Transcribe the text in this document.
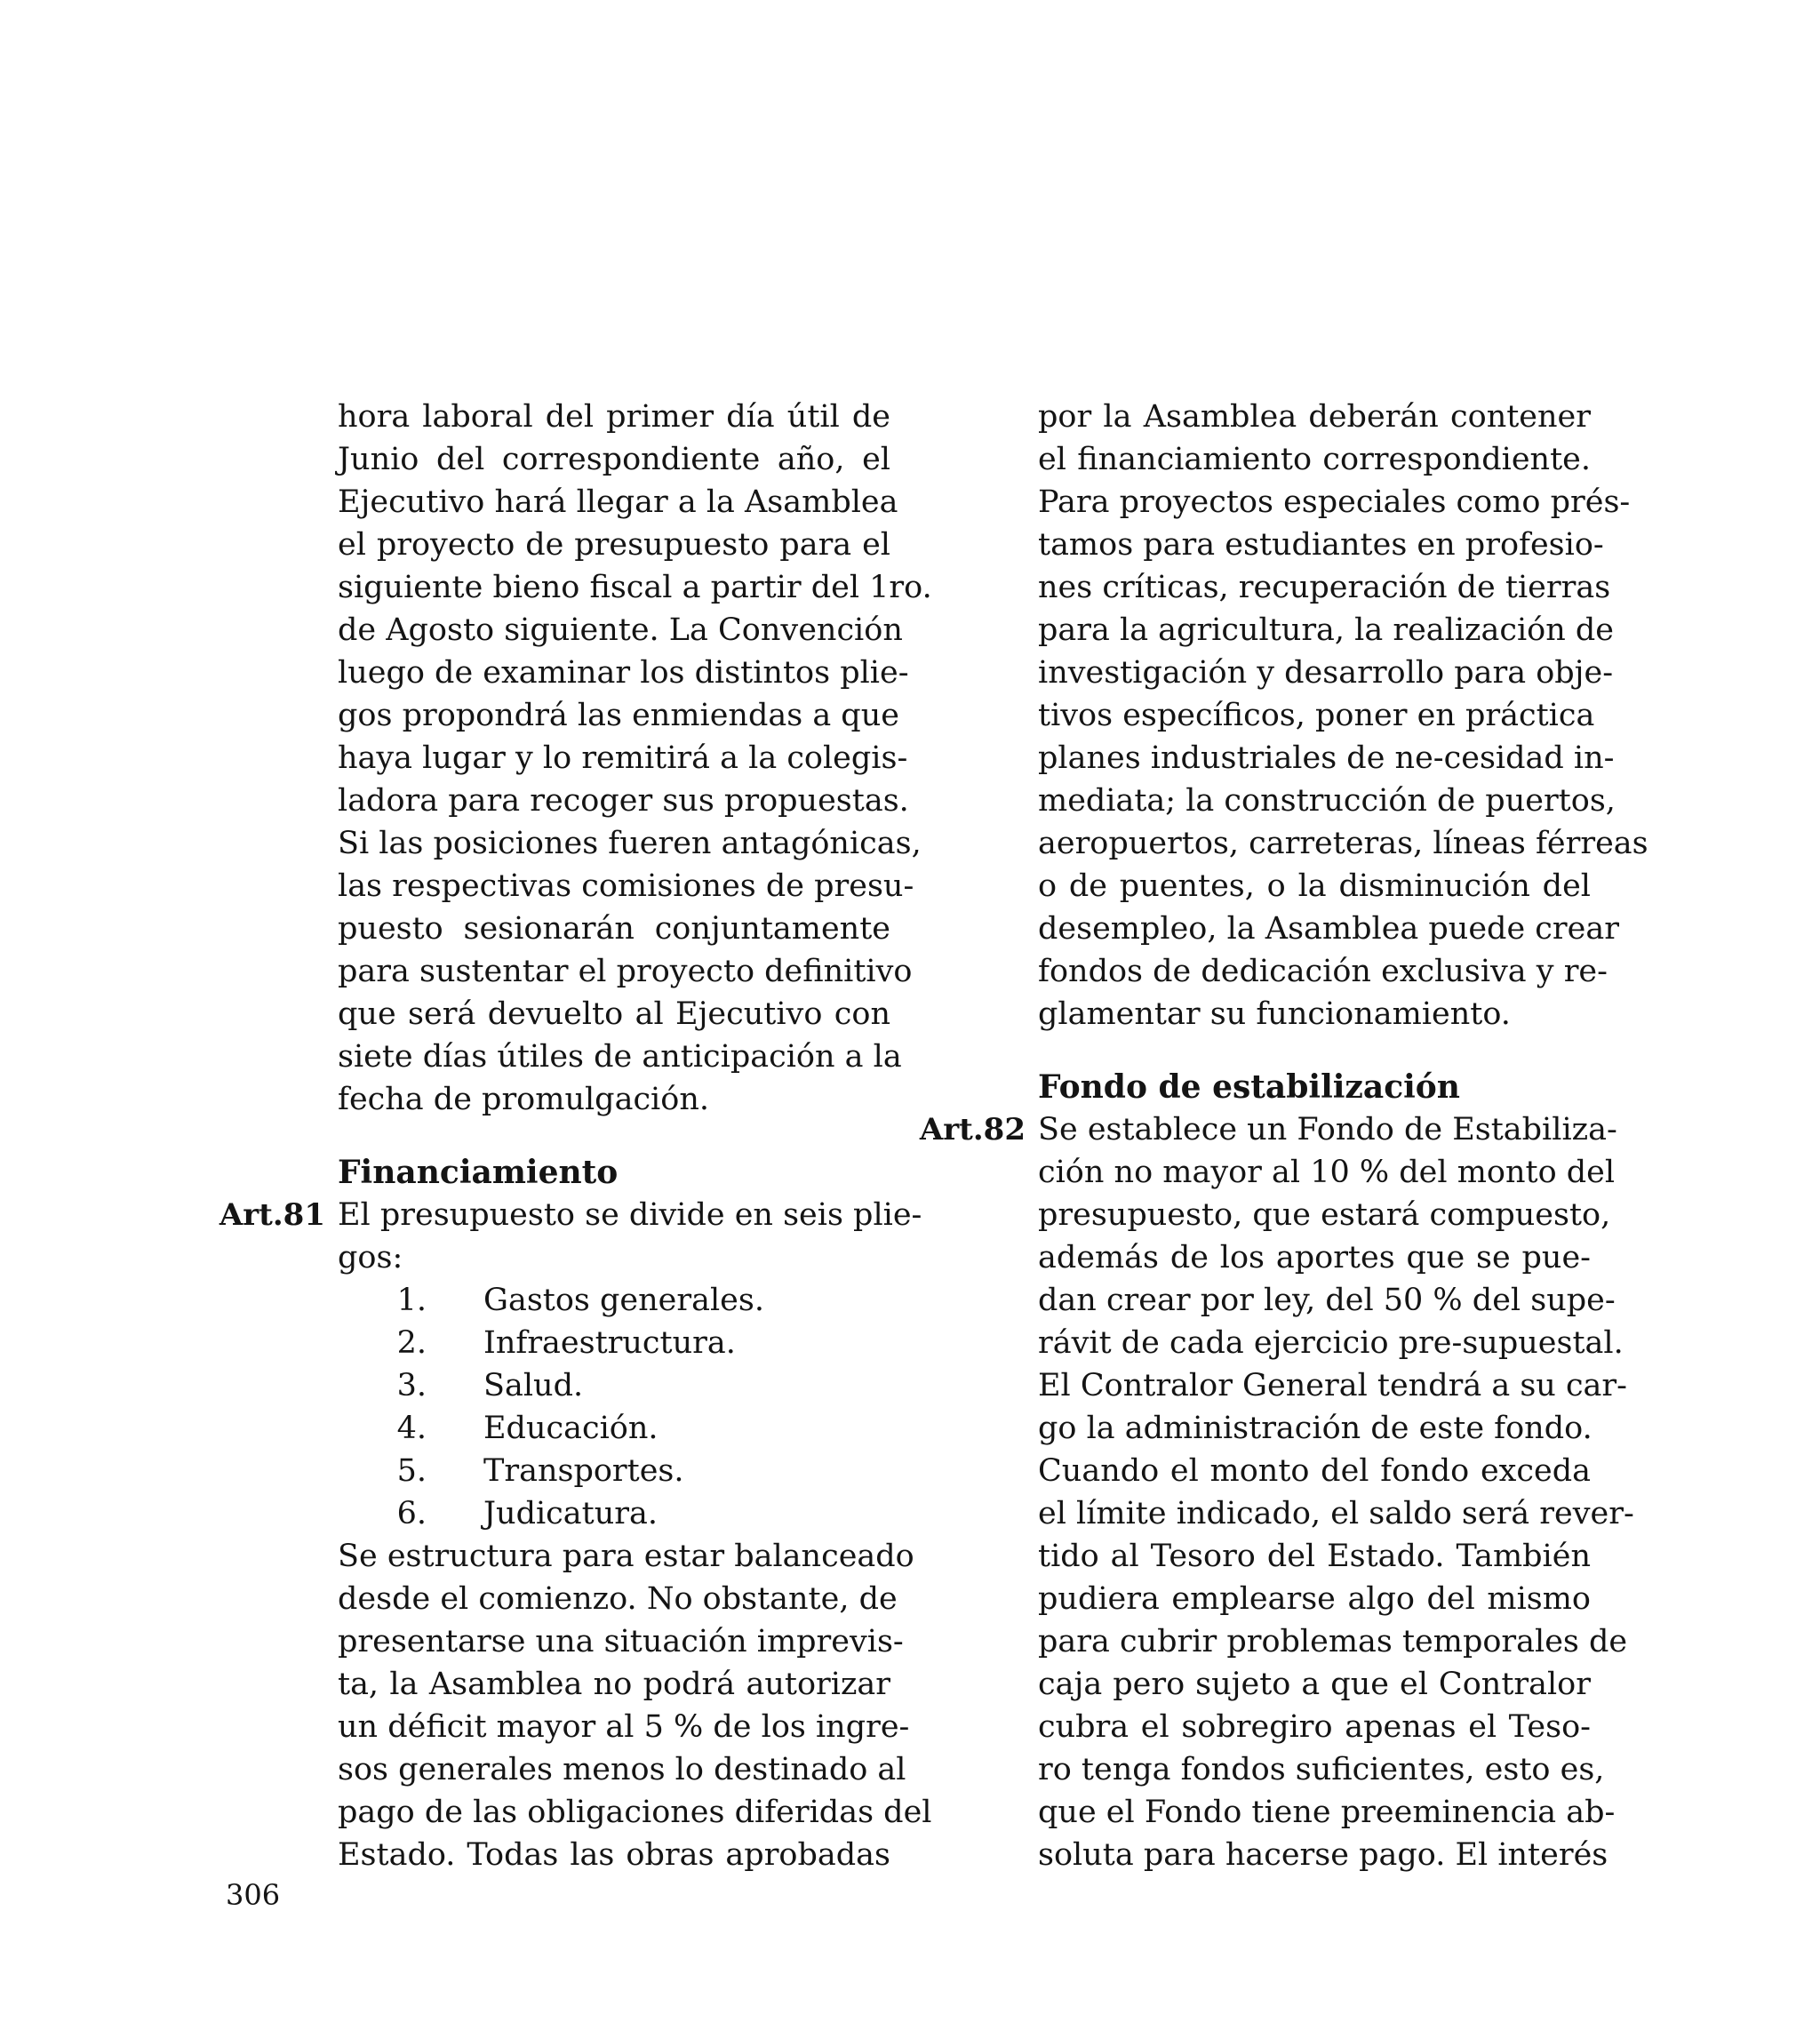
hora laboral del primer día útil de
Junio del correspondiente año, el
Ejecutivo hará llegar a la Asamblea
el proyecto de presupuesto para el
siguiente bieno fiscal a partir del 1ro.
de Agosto siguiente. La Convención
luego de examinar los distintos plie-
gos propondrá las enmiendas a que
haya lugar y lo remitirá a la colegis-
ladora para recoger sus propuestas.
Si las posiciones fueren antagónicas,
las respectivas comisiones de presu-
puesto sesionarán conjuntamente
para sustentar el proyecto definitivo
que será devuelto al Ejecutivo con
siete días útiles de anticipación a la
fecha de promulgación.
Financiamiento
Art.81 El presupuesto se divide en seis plie-
gos:
1. Gastos generales.
2. Infraestructura.
3. Salud.
4. Educación.
5. Transportes.
6. Judicatura.
Se estructura para estar balanceado
desde el comienzo. No obstante, de
presentarse una situación imprevis-
ta, la Asamblea no podrá autorizar
un déficit mayor al 5 % de los ingre-
sos generales menos lo destinado al
pago de las obligaciones diferidas del
Estado. Todas las obras aprobadas
por la Asamblea deberán contener
el financiamiento correspondiente.
Para proyectos especiales como prés-
tamos para estudiantes en profesio-
nes críticas, recuperación de tierras
para la agricultura, la realización de
investigación y desarrollo para obje-
tivos específicos, poner en práctica
planes industriales de ne-cesidad in-
mediata; la construcción de puertos,
aeropuertos, carreteras, líneas férreas
o de puentes, o la disminución del
desempleo, la Asamblea puede crear
fondos de dedicación exclusiva y re-
glamentar su funcionamiento.
Fondo de estabilización
Art.82 Se establece un Fondo de Estabiliza-
ción no mayor al 10 % del monto del
presupuesto, que estará compuesto,
además de los aportes que se pue-
dan crear por ley, del 50 % del supe-
rávit de cada ejercicio pre-supuestal.
El Contralor General tendrá a su car-
go la administración de este fondo.
Cuando el monto del fondo exceda
el límite indicado, el saldo será rever-
tido al Tesoro del Estado. También
pudiera emplearse algo del mismo
para cubrir problemas temporales de
caja pero sujeto a que el Contralor
cubra el sobregiro apenas el Teso-
ro tenga fondos suficientes, esto es,
que el Fondo tiene preeminencia ab-
soluta para hacerse pago. El interés
306
